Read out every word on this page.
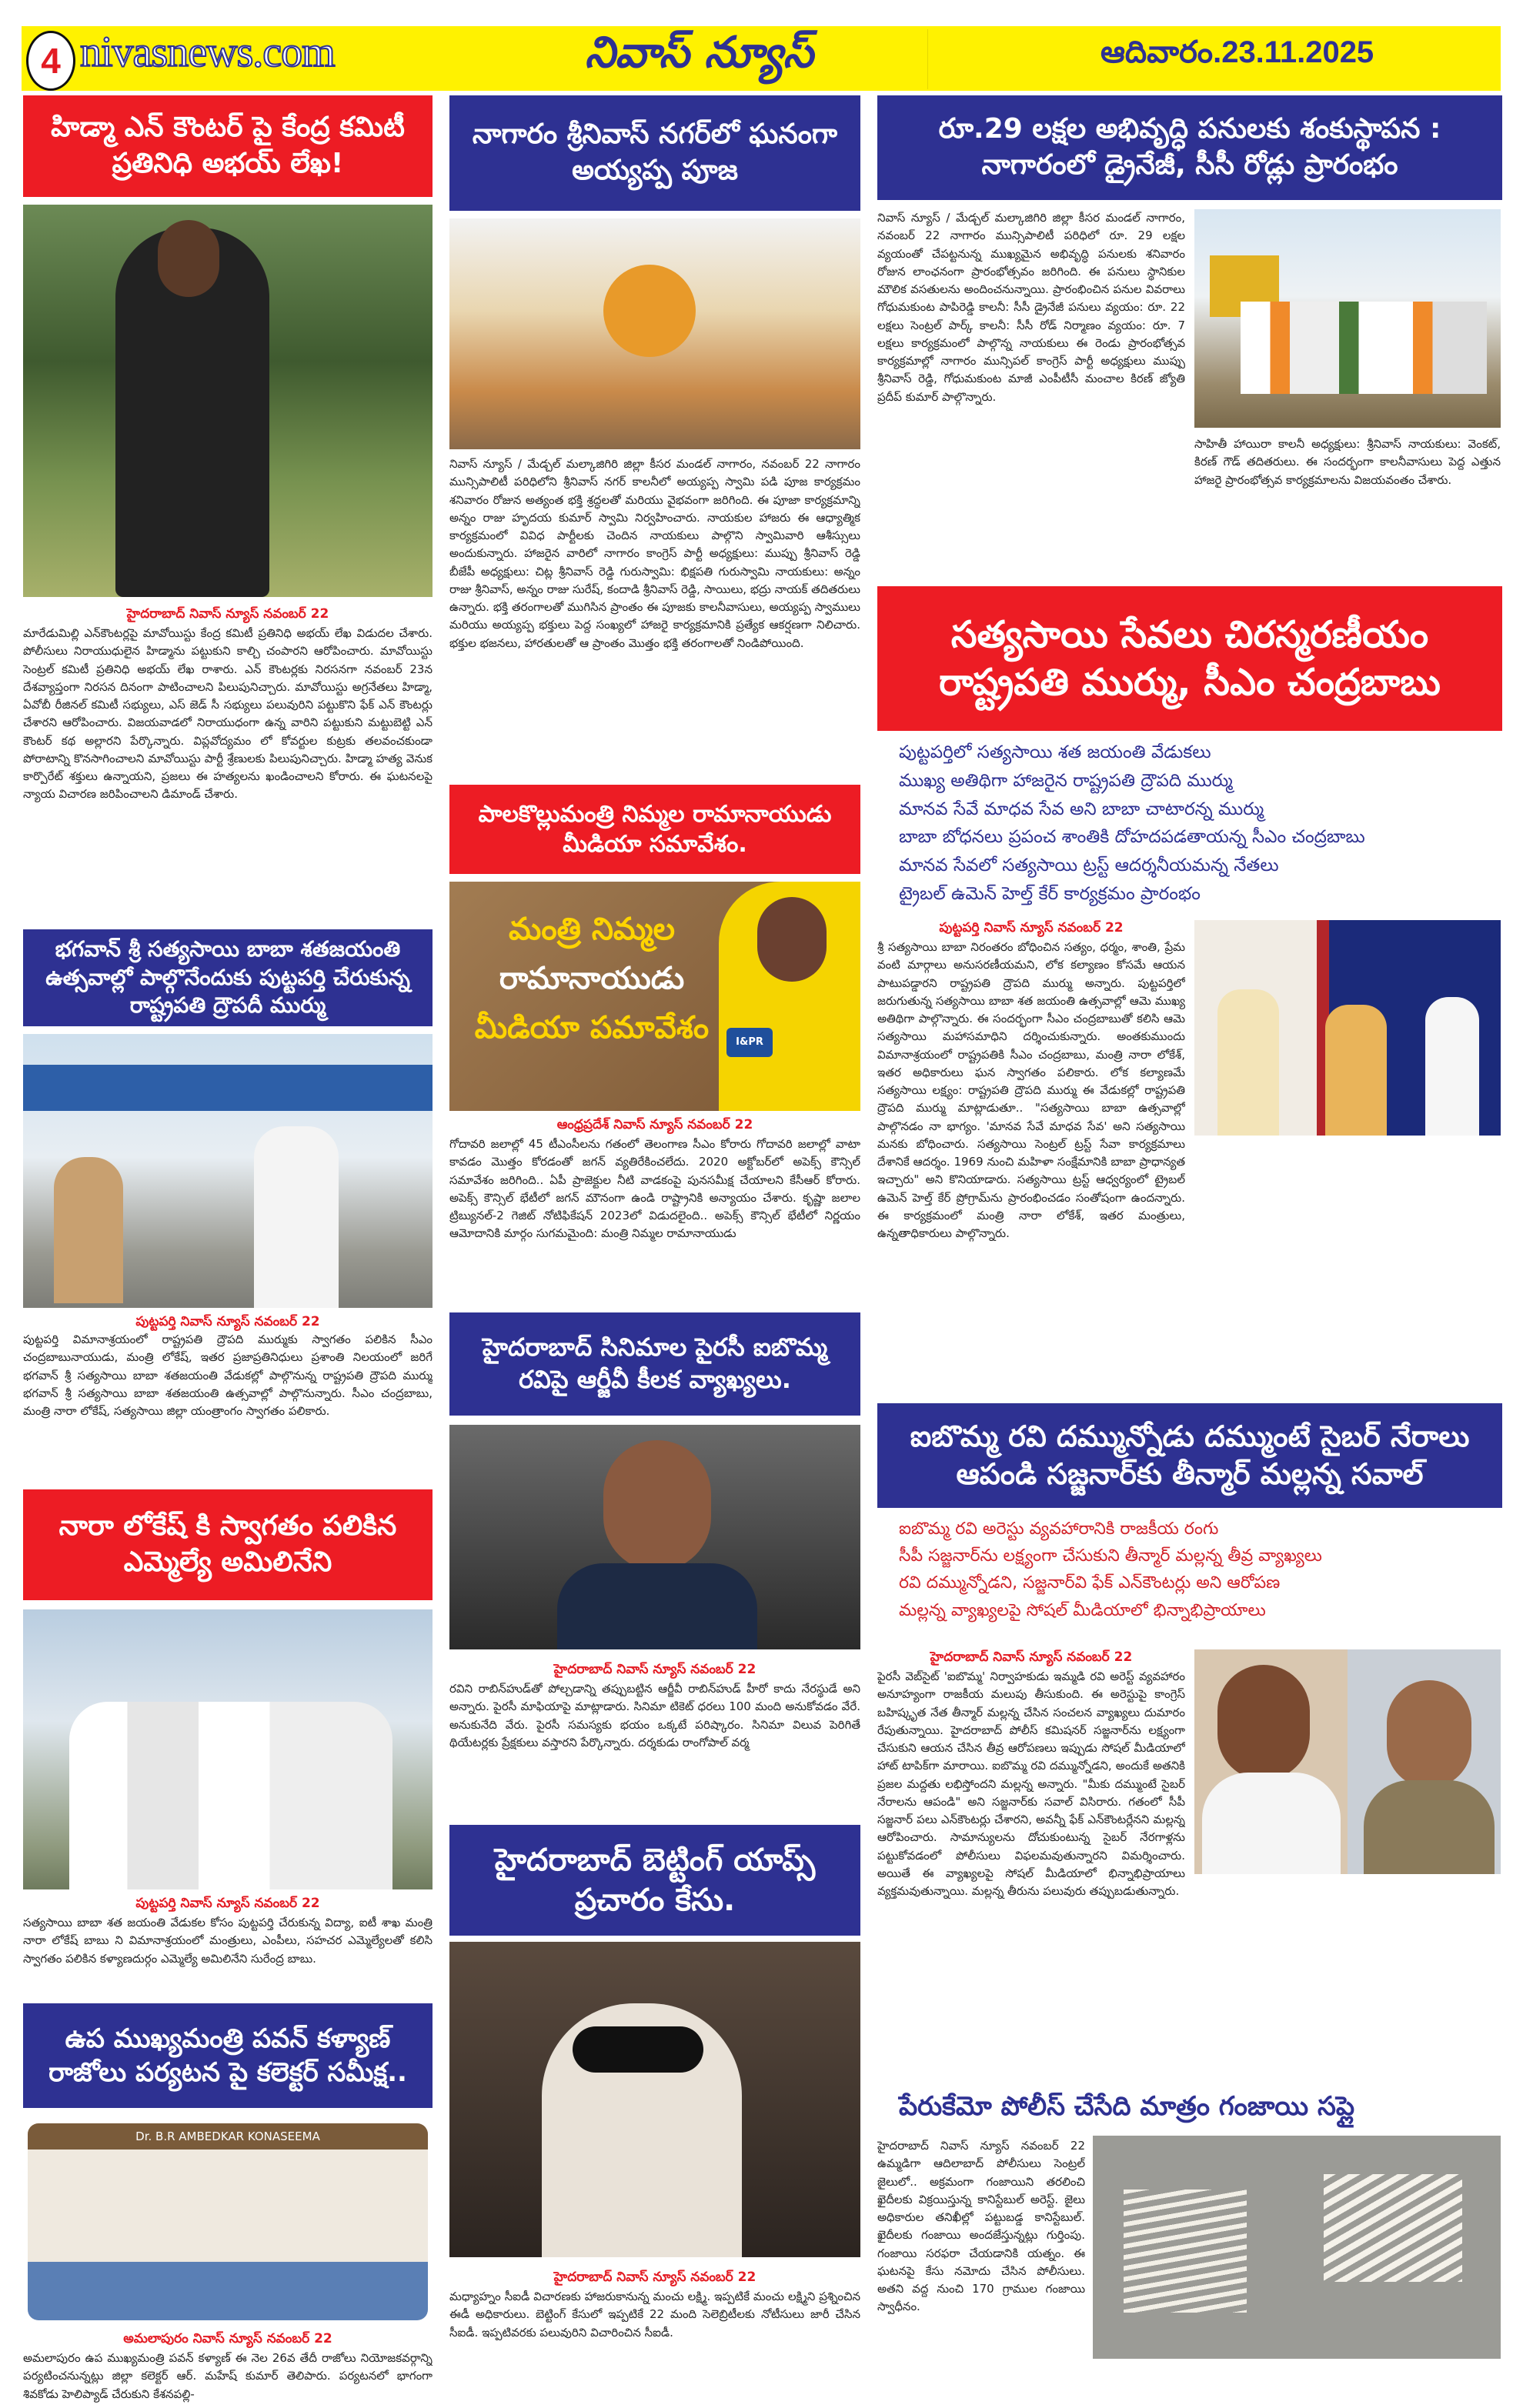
4 nivasnews.com	నివాస్ న్యూస్	ఆదివారం.23.11.2025
హిడ్మా ఎన్ కౌంటర్ పై కేంద్ర కమిటీ ప్రతినిధి అభయ్ లేఖ!
హైదరాబాద్ నివాస్ న్యూస్ నవంబర్ 22
మారేడుమిల్లి ఎన్‌కౌంటర్లపై మావోయిస్టు కేంద్ర కమిటీ ప్రతినిధి అభయ్ లేఖ విడుదల చేశారు. పోలీసులు నిరాయుధులైన హిడ్మాను పట్టుకుని కాల్చి చంపారని ఆరోపించారు. మావోయిస్టు సెంట్రల్ కమిటీ ప్రతినిధి అభయ్ లేఖ రాశారు. ఎన్ కౌంటర్లకు నిరసనగా నవంబర్ 23న దేశవ్యాప్తంగా నిరసన దినంగా పాటించాలని పిలుపునిచ్చారు. మావోయిస్టు అగ్రనేతలు హిడ్మా, ఏవోబీ రీజినల్ కమిటీ సభ్యులు, ఎస్ జెడ్ సీ సభ్యులు పలువురిని పట్టుకొని ఫేక్ ఎన్ కౌంటర్లు చేశారని ఆరోపించారు. విజయవాడలో నిరాయుధంగా ఉన్న వారిని పట్టుకుని మట్టుబెట్టి ఎన్ కౌంటర్ కథ అల్లారని పేర్కొన్నారు. విప్లవోద్యమం లో కోవర్టుల కుట్రకు తలవంచకుండా పోరాటాన్ని కొనసాగించాలని మావోయిస్టు పార్టీ శ్రేణులకు పిలుపునిచ్చారు. హిడ్మా హత్య వెనుక కార్పొరేట్ శక్తులు ఉన్నాయని, ప్రజలు ఈ హత్యలను ఖండించాలని కోరారు. ఈ ఘటనలపై న్యాయ విచారణ జరిపించాలని డిమాండ్ చేశారు.
భగవాన్ శ్రీ సత్యసాయి బాబా శతజయంతి ఉత్సవాల్లో పాల్గొనేందుకు పుట్టపర్తి చేరుకున్న రాష్ట్రపతి ద్రౌపదీ ముర్ము
పుట్టపర్తి నివాస్ న్యూస్ నవంబర్ 22
పుట్టపర్తి విమానాశ్రయంలో రాష్ట్రపతి ద్రౌపది ముర్ముకు స్వాగతం పలికిన సీఎం చంద్రబాబునాయుడు, మంత్రి లోకేష్, ఇతర ప్రజాప్రతినిధులు ప్రశాంతి నిలయంలో జరిగే భగవాన్ శ్రీ సత్యసాయి బాబా శతజయంతి వేడుకల్లో పాల్గొనున్న రాష్ట్రపతి ద్రౌపది ముర్ము భగవాన్ శ్రీ సత్యసాయి బాబా శతజయంతి ఉత్సవాల్లో పాల్గొనున్నారు. సీఎం చంద్రబాబు, మంత్రి నారా లోకేష్, సత్యసాయి జిల్లా యంత్రాంగం స్వాగతం పలికారు.
నారా లోకేష్ కి స్వాగతం పలికిన ఎమ్మెల్యే అమిలినేని
పుట్టపర్తి నివాస్ న్యూస్ నవంబర్ 22
సత్యసాయి బాబా శత జయంతి వేడుకల కోసం పుట్టపర్తి చేరుకున్న విద్యా, ఐటీ శాఖ మంత్రి నారా లోకేష్ బాబు ని విమానాశ్రయంలో మంత్రులు, ఎంపీలు, సహచర ఎమ్మెల్యేలతో కలిసి స్వాగతం పలికిన కళ్యాణదుర్గం ఎమ్మెల్యే అమిలినేని సురేంద్ర బాబు.
ఉప ముఖ్యమంత్రి పవన్ కళ్యాణ్ రాజోలు పర్యటన పై కలెక్టర్ సమీక్ష..
Dr. B.R AMBEDKAR KONASEEMA
అమలాపురం నివాస్ న్యూస్ నవంబర్ 22
అమలాపురం ఉప ముఖ్యమంత్రి పవన్ కళ్యాణ్ ఈ నెల 26వ తేదీ రాజోలు నియోజకవర్గాన్ని పర్యటించనున్నట్లు జిల్లా కలెక్టర్ ఆర్. మహేష్ కుమార్ తెలిపారు. పర్యటనలో భాగంగా శివకోడు హెలిప్యాడ్ చేరుకుని కేశనపల్లి-
నాగారం శ్రీనివాస్ నగర్‌లో ఘనంగా అయ్యప్ప పూజ
నివాస్ న్యూస్ / మేడ్చల్ మల్కాజిగిరి జిల్లా కీసర మండల్ నాగారం, నవంబర్ 22 నాగారం మున్సిపాలిటీ పరిధిలోని శ్రీనివాస్ నగర్ కాలనీలో అయ్యప్ప స్వామి పడి పూజ కార్యక్రమం శనివారం రోజున అత్యంత భక్తి శ్రద్ధలతో మరియు వైభవంగా జరిగింది. ఈ పూజా కార్యక్రమాన్ని అన్నం రాజు హృదయ కుమార్ స్వామి నిర్వహించారు. నాయకుల హాజరు ఈ ఆధ్యాత్మిక కార్యక్రమంలో వివిధ పార్టీలకు చెందిన నాయకులు పాల్గొని స్వామివారి ఆశీస్సులు అందుకున్నారు. హాజరైన వారిలో నాగారం కాంగ్రెస్ పార్టీ అధ్యక్షులు: ముప్పు శ్రీనివాస్ రెడ్డి బీజేపీ అధ్యక్షులు: చిట్ల శ్రీనివాస్ రెడ్డి గురుస్వామి: భిక్షపతి గురుస్వామి నాయకులు: అన్నం రాజు శ్రీనివాస్, అన్నం రాజు సురేష్, కందాడి శ్రీనివాస్ రెడ్డి, సాయిలు, భద్రు నాయక్ తదితరులు ఉన్నారు. భక్తి తరంగాలతో ముగిసిన ప్రాంతం ఈ పూజకు కాలనీవాసులు, అయ్యప్ప స్వాములు మరియు అయ్యప్ప భక్తులు పెద్ద సంఖ్యలో హాజరై కార్యక్రమానికి ప్రత్యేక ఆకర్షణగా నిలిచారు. భక్తుల భజనలు, హారతులతో ఆ ప్రాంతం మొత్తం భక్తి తరంగాలతో నిండిపోయింది.
పాలకొల్లుమంత్రి నిమ్మల రామానాయుడు మీడియా సమావేశం.
మంత్రి నిమ్మల
రామానాయుడు
మీడియా పమావేశం	I&PR
ఆంధ్రప్రదేశ్ నివాస్ న్యూస్ నవంబర్ 22
గోదావరి జలాల్లో 45 టీఎంసీలను గతంలో తెలంగాణ సీఎం కోరారు గోదావరి జలాల్లో వాటా కావడం మొత్తం కోరడంతో జగన్ వ్యతిరేకించలేదు. 2020 అక్టోబర్‌లో అపెక్స్ కౌన్సిల్ సమావేశం జరిగింది.. ఏపీ ప్రాజెక్టుల నీటి వాడకంపై పునసమీక్ష చేయాలని కేసీఆర్ కోరారు. అపెక్స్ కౌన్సిల్ భేటీలో జగన్ మౌనంగా ఉండి రాష్ట్రానికి అన్యాయం చేశారు. కృష్ణా జలాల ట్రిబ్యునల్-2 గెజిట్ నోటిఫికేషన్ 2023లో విడుదలైంది.. అపెక్స్ కౌన్సిల్ భేటీలో నిర్ణయం ఆమోదానికి మార్గం సుగమమైంది: మంత్రి నిమ్మల రామానాయుడు
హైదరాబాద్ సినిమాల పైరసీ ఐబొమ్మ రవిపై ఆర్జీవీ కీలక వ్యాఖ్యలు.
హైదరాబాద్ నివాస్ న్యూస్ నవంబర్ 22
రవిని రాబిన్‌హుడ్‌తో పోల్చడాన్ని తప్పుబట్టిన ఆర్జీవీ రాబిన్‌హుడ్ హీరో కాదు నేరస్థుడే అని అన్నారు. పైరసీ మాఫియాపై మాట్లాడారు. సినిమా టికెట్ ధరలు 100 మంది అనుకోవడం వేరే. అనుకునేది వేరు. పైరసీ సమస్యకు భయం ఒక్కటే పరిష్కారం. సినిమా విలువ పెరిగితే థియేటర్లకు ప్రేక్షకులు వస్తారని పేర్కొన్నారు. దర్శకుడు రాంగోపాల్ వర్మ
హైదరాబాద్ బెట్టింగ్ యాప్స్ ప్రచారం కేసు.
హైదరాబాద్ నివాస్ న్యూస్ నవంబర్ 22
మధ్యాహ్నం సీఐడీ విచారణకు హాజరుకానున్న మంచు లక్ష్మి. ఇప్పటికే మంచు లక్ష్మిని ప్రశ్నించిన ఈడీ అధికారులు. బెట్టింగ్ కేసులో ఇప్పటికే 22 మంది సెలెబ్రిటీలకు నోటీసులు జారీ చేసిన సీఐడీ. ఇప్పటివరకు పలువురిని విచారించిన సీఐడీ.
రూ.29 లక్షల అభివృద్ధి పనులకు శంకుస్థాపన : నాగారంలో డ్రైనేజీ, సీసీ రోడ్లు ప్రారంభం
నివాస్ న్యూస్ / మేడ్చల్ మల్కాజిగిరి జిల్లా కీసర మండల్ నాగారం, నవంబర్ 22 నాగారం మున్సిపాలిటీ పరిధిలో రూ. 29 లక్షల వ్యయంతో చేపట్టనున్న ముఖ్యమైన అభివృద్ధి పనులకు శనివారం రోజున లాంఛనంగా ప్రారంభోత్సవం జరిగింది. ఈ పనులు స్థానికుల మౌలిక వసతులను అందించనున్నాయి. ప్రారంభించిన పనుల వివరాలు గోధుమకుంట పాపిరెడ్డి కాలనీ: సీసీ డ్రైనేజీ పనులు వ్యయం: రూ. 22 లక్షలు సెంట్రల్ పార్క్ కాలనీ: సీసీ రోడ్ నిర్మాణం వ్యయం: రూ. 7 లక్షలు కార్యక్రమంలో పాల్గొన్న నాయకులు ఈ రెండు ప్రారంభోత్సవ కార్యక్రమాల్లో నాగారం మున్సిపల్ కాంగ్రెస్ పార్టీ అధ్యక్షులు ముప్పు శ్రీనివాస్ రెడ్డి, గోధుమకుంట మాజీ ఎంపీటీసీ మంచాల కిరణ్ జ్యోతి ప్రదీప్ కుమార్ పాల్గొన్నారు.
సాహితీ హాయిరా కాలనీ అధ్యక్షులు: శ్రీనివాస్ నాయకులు: వెంకట్, కిరణ్ గౌడ్ తదితరులు. ఈ సందర్భంగా కాలనీవాసులు పెద్ద ఎత్తున హాజరై ప్రారంభోత్సవ కార్యక్రమాలను విజయవంతం చేశారు.
సత్యసాయి సేవలు చిరస్మరణీయం రాష్ట్రపతి ముర్ము, సీఎం చంద్రబాబు
పుట్టపర్తిలో సత్యసాయి శత జయంతి వేడుకలు
ముఖ్య అతిథిగా హాజరైన రాష్ట్రపతి ద్రౌపది ముర్ము
మానవ సేవే మాధవ సేవ అని బాబా చాటారన్న ముర్ము
బాబా బోధనలు ప్రపంచ శాంతికి దోహదపడతాయన్న సీఎం చంద్రబాబు
మానవ సేవలో సత్యసాయి ట్రస్ట్ ఆదర్శనీయమన్న నేతలు
ట్రైబల్ ఉమెన్ హెల్త్ కేర్ కార్యక్రమం ప్రారంభం
పుట్టపర్తి నివాస్ న్యూస్ నవంబర్ 22
శ్రీ సత్యసాయి బాబా నిరంతరం బోధించిన సత్యం, ధర్మం, శాంతి, ప్రేమ వంటి మార్గాలు అనుసరణీయమని, లోక కల్యాణం కోసమే ఆయన పాటుపడ్డారని రాష్ట్రపతి ద్రౌపది ముర్ము అన్నారు. పుట్టపర్తిలో జరుగుతున్న సత్యసాయి బాబా శత జయంతి ఉత్సవాల్లో ఆమె ముఖ్య అతిథిగా పాల్గొన్నారు. ఈ సందర్భంగా సీఎం చంద్రబాబుతో కలిసి ఆమె సత్యసాయి మహాసమాధిని దర్శించుకున్నారు. అంతకుముందు విమానాశ్రయంలో రాష్ట్రపతికి సీఎం చంద్రబాబు, మంత్రి నారా లోకేశ్, ఇతర అధికారులు ఘన స్వాగతం పలికారు. లోక కల్యాణమే సత్యసాయి లక్ష్యం: రాష్ట్రపతి ద్రౌపది ముర్ము ఈ వేడుకల్లో రాష్ట్రపతి ద్రౌపది ముర్ము మాట్లాడుతూ.. "సత్యసాయి బాబా ఉత్సవాల్లో పాల్గొనడం నా భాగ్యం. 'మానవ సేవే మాధవ సేవ' అని సత్యసాయి మనకు బోధించారు. సత్యసాయి సెంట్రల్ ట్రస్ట్ సేవా కార్యక్రమాలు దేశానికే ఆదర్శం. 1969 నుంచి మహిళా సంక్షేమానికి బాబా ప్రాధాన్యత ఇచ్చారు" అని కొనియాడారు. సత్యసాయి ట్రస్ట్ ఆధ్వర్యంలో ట్రైబల్ ఉమెన్ హెల్త్ కేర్ ప్రోగ్రామ్‌ను ప్రారంభించడం సంతోషంగా ఉందన్నారు. ఈ కార్యక్రమంలో మంత్రి నారా లోకేశ్, ఇతర మంత్రులు, ఉన్నతాధికారులు పాల్గొన్నారు.
ఐబొమ్మ రవి దమ్మున్నోడు దమ్ముంటే సైబర్ నేరాలు ఆపండి సజ్జనార్‌కు తీన్మార్ మల్లన్న సవాల్
ఐబొమ్మ రవి అరెస్టు వ్యవహారానికి రాజకీయ రంగు
సీపీ సజ్జనార్‌ను లక్ష్యంగా చేసుకుని తీన్మార్ మల్లన్న తీవ్ర వ్యాఖ్యలు
రవి దమ్మున్నోడని, సజ్జనార్‌వి ఫేక్ ఎన్‌కౌంటర్లు అని ఆరోపణ
మల్లన్న వ్యాఖ్యలపై సోషల్ మీడియాలో భిన్నాభిప్రాయాలు
హైదరాబాద్ నివాస్ న్యూస్ నవంబర్ 22
పైరసీ వెబ్‌సైట్ 'ఐబొమ్మ' నిర్వాహకుడు ఇమ్మడి రవి అరెస్ట్ వ్యవహారం అనూహ్యంగా రాజకీయ మలుపు తీసుకుంది. ఈ అరెస్టుపై కాంగ్రెస్ బహిష్కృత నేత తీన్మార్ మల్లన్న చేసిన సంచలన వ్యాఖ్యలు దుమారం రేపుతున్నాయి. హైదరాబాద్ పోలీస్ కమిషనర్ సజ్జనార్‌ను లక్ష్యంగా చేసుకుని ఆయన చేసిన తీవ్ర ఆరోపణలు ఇప్పుడు సోషల్ మీడియాలో హాట్ టాపిక్‌గా మారాయి. ఐబొమ్మ రవి దమ్మున్నోడని, అందుకే అతనికి ప్రజల మద్దతు లభిస్తోందని మల్లన్న అన్నారు. "మీకు దమ్ముంటే సైబర్ నేరాలను ఆపండి" అని సజ్జనార్‌కు సవాల్ విసిరారు. గతంలో సీపీ సజ్జనార్ పలు ఎన్‌కౌంటర్లు చేశారని, అవన్నీ ఫేక్ ఎన్‌కౌంటర్లేనని మల్లన్న ఆరోపించారు. సామాన్యులను దోచుకుంటున్న సైబర్ నేరగాళ్లను పట్టుకోవడంలో పోలీసులు విఫలమవుతున్నారని విమర్శించారు. అయితే ఈ వ్యాఖ్యలపై సోషల్ మీడియాలో భిన్నాభిప్రాయాలు వ్యక్తమవుతున్నాయి. మల్లన్న తీరును పలువురు తప్పుబడుతున్నారు.
పేరుకేమో పోలీస్ చేసేది మాత్రం గంజాయి సప్లై
హైదరాబాద్ నివాస్ న్యూస్ నవంబర్ 22 ఉమ్మడిగా ఆదిలాబాద్ పోలీసులు సెంట్రల్ జైలులో.. అక్రమంగా గంజాయిని తరలించి ఖైదీలకు విక్రయిస్తున్న కానిస్టేబుల్ అరెస్ట్. జైలు అధికారుల తనిఖీల్లో పట్టుబడ్డ కానిస్టేబుల్. ఖైదీలకు గంజాయి అందజేస్తున్నట్లు గుర్తింపు. గంజాయి సరఫరా చేయడానికి యత్నం. ఈ ఘటనపై కేసు నమోదు చేసిన పోలీసులు. అతని వద్ద నుంచి 170 గ్రాముల గంజాయి స్వాధీనం.
